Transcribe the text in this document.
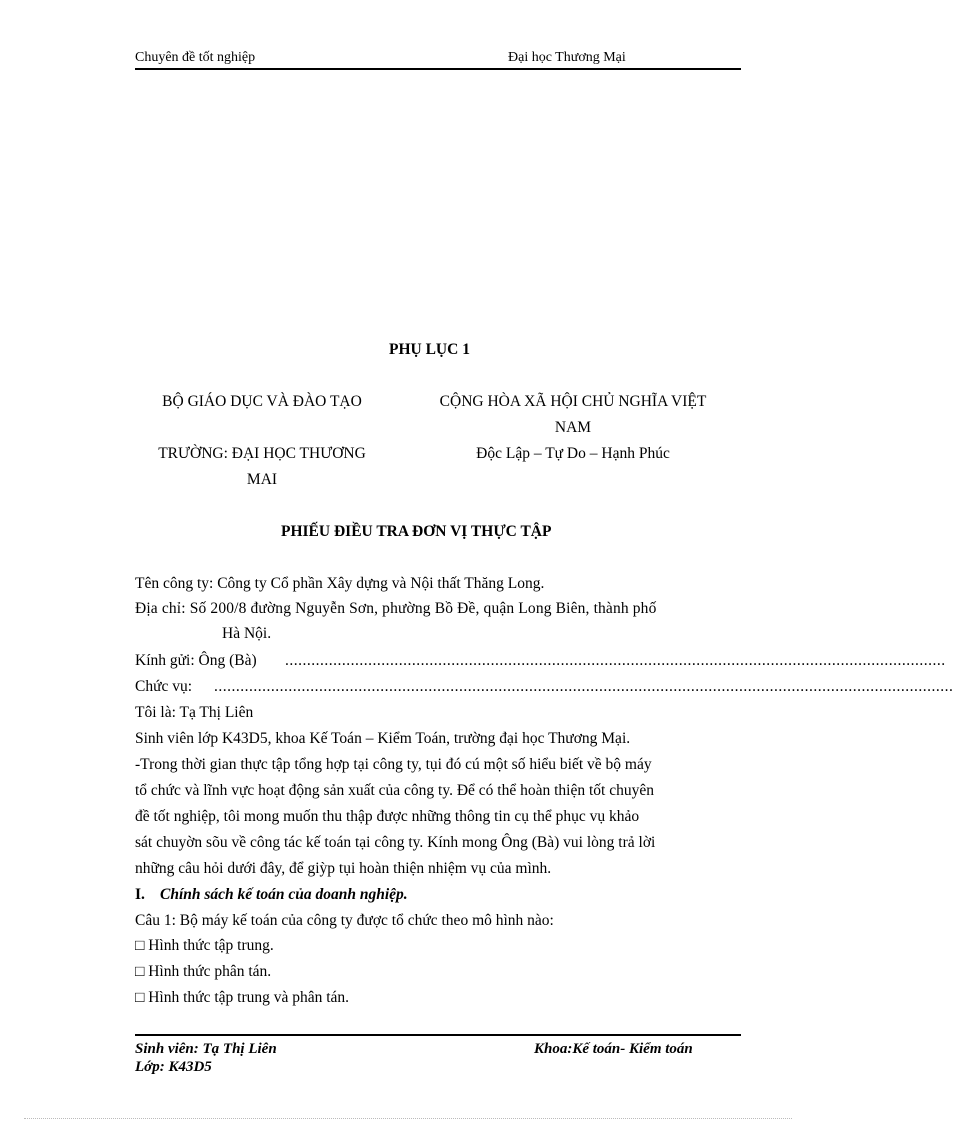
Chuyên đề tốt nghiệp	Đại học Thương Mại
PHỤ LỤC 1
BỘ GIÁO DỤC VÀ ĐÀO TẠO
TRƯỜNG: ĐẠI HỌC THƯƠNG
MAI
CỘNG HÒA XÃ HỘI CHỦ NGHĨA VIỆT
NAM
Độc Lập – Tự Do – Hạnh Phúc
PHIẾU ĐIỀU TRA ĐƠN VỊ THỰC TẬP
Tên công ty: Công ty Cổ phần Xây dựng và Nội thất Thăng Long.
Địa chỉ: Số 200/8 đường Nguyễn Sơn, phường Bồ Đề, quận Long Biên, thành phố
Hà Nội.
Kính gửi: Ông (Bà) .......................................................................................................................................................
Chức vụ: .........................................................................................................................................................................
Tôi là: Tạ Thị Liên
Sinh viên lớp K43D5, khoa Kế Toán – Kiểm Toán, trường đại học Thương Mại.
-Trong thời gian thực tập tổng hợp tại công ty, tụi đó cú một số hiểu biết về bộ máy
tổ chức và lĩnh vực hoạt động sản xuất của công ty. Để có thể hoàn thiện tốt chuyên
đề tốt nghiệp, tôi mong muốn thu thập được những thông tin cụ thể phục vụ khảo
sát chuyờn sõu về công tác kế toán tại công ty. Kính mong Ông (Bà) vui lòng trả lời
những câu hỏi dưới đây, để giỳp tụi hoàn thiện nhiệm vụ của mình.
I. Chính sách kế toán của doanh nghiệp.
Câu 1: Bộ máy kế toán của công ty được tổ chức theo mô hình nào:
□ Hình thức tập trung.
□ Hình thức phân tán.
□ Hình thức tập trung và phân tán.
Sinh viên: Tạ Thị Liên
Lớp: K43D5
Khoa:Kế toán- Kiểm toán
